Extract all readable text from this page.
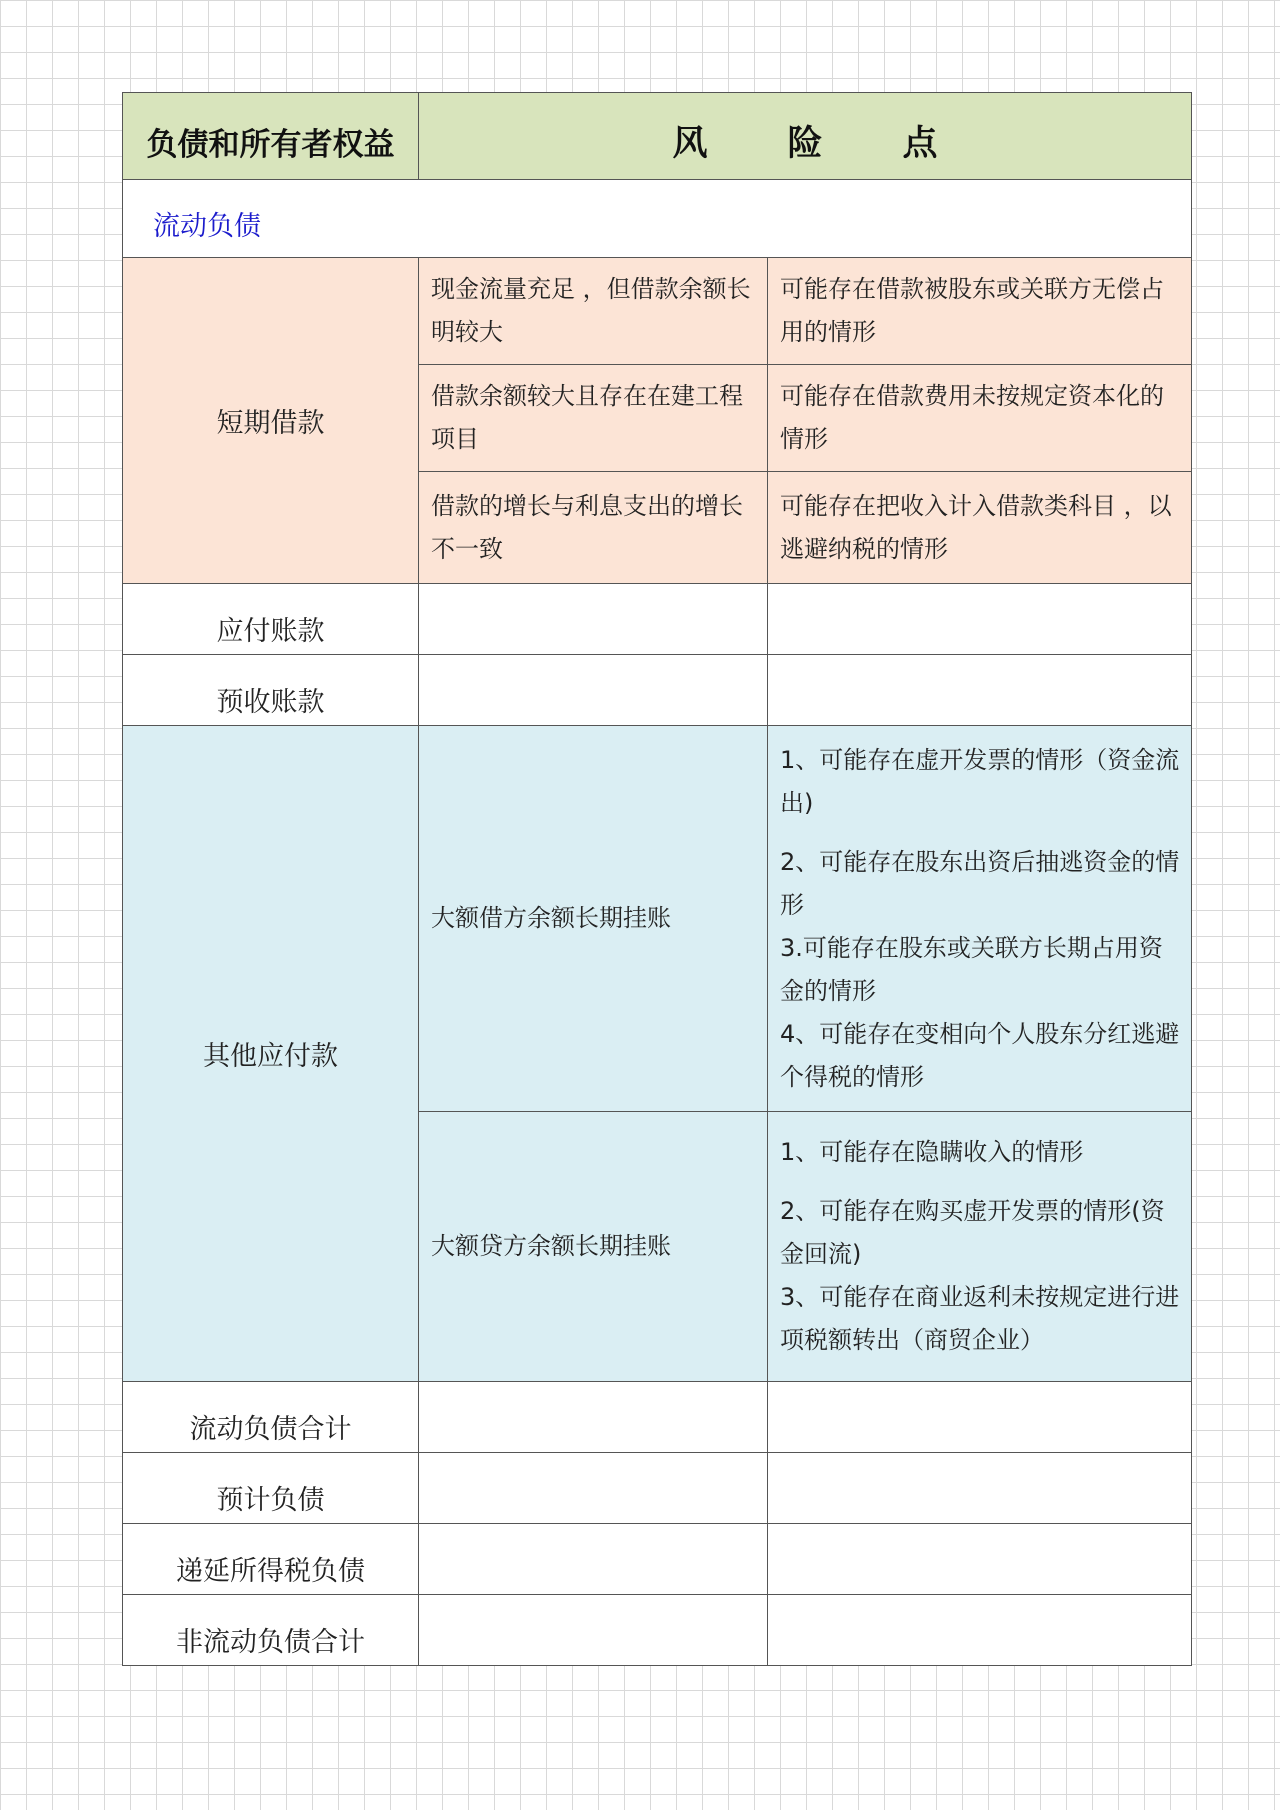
负债和所有者权益	风 险 点	
流动负债		
短期借款	现金流量充足 ，但借款余额长明较大	可能存在借款被股东或关联方无偿占用的情形
	借款余额较大且存在在建工程项目	可能存在借款费用未按规定资本化的情形
	借款的增长与利息支出的增长不一致	可能存在把收入计入借款类科目 ，以逃避纳税的情形
应付账款		
预收账款		
其他应付款	大额借方余额长期挂账	1、可能存在虚开发票的情形（资金流出)

2、可能存在股东出资后抽逃资金的情形

3.可能存在股东或关联方长期占用资金的情形

4、可能存在变相向个人股东分红逃避个得税的情形

	大额贷方余额长期挂账	1、可能存在隐瞒收入的情形

2、可能存在购买虚开发票的情形(资金回流)

3、可能存在商业返利未按规定进行进项税额转出（商贸企业）

流动负债合计		
预计负债		
递延所得税负债		
非流动负债合计		
